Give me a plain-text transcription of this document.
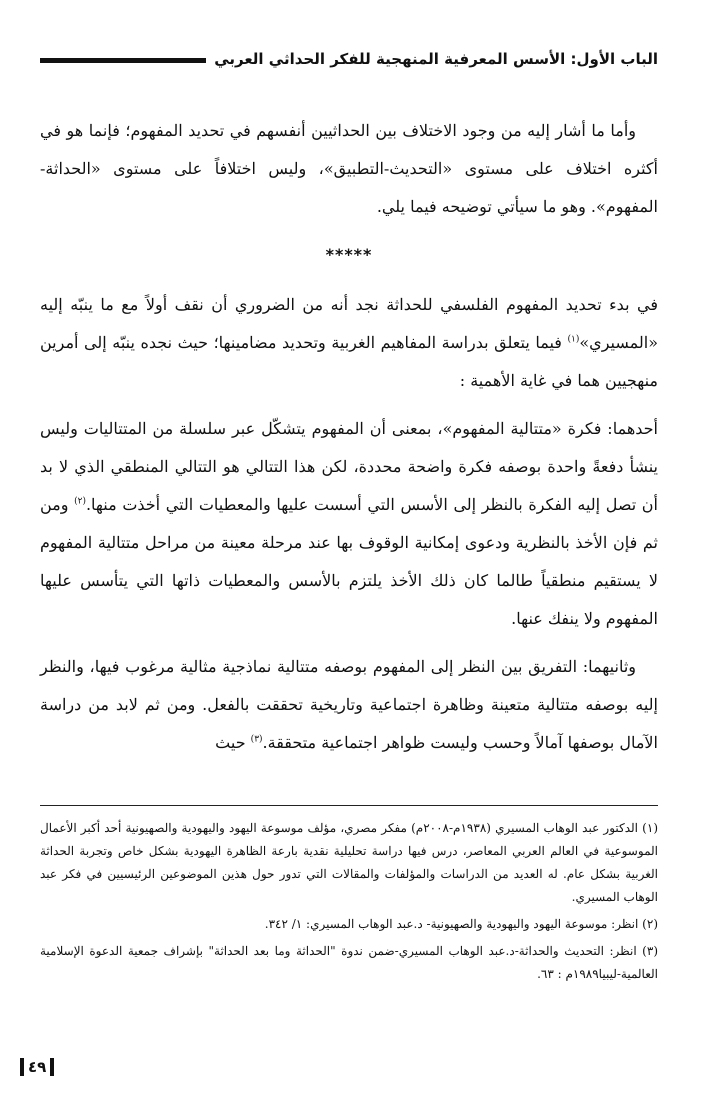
الباب الأول: الأسس المعرفية المنهجية للفكر الحداثي العربي

وأما ما أشار إليه من وجود الاختلاف بين الحداثيين أنفسهم في تحديد المفهوم؛ فإنما هو في أكثره اختلاف على مستوى «التحديث-التطبيق»، وليس اختلافاً على مستوى «الحداثة-المفهوم». وهو ما سيأتي توضيحه فيما يلي.

*****

في بدء تحديد المفهوم الفلسفي للحداثة نجد أنه من الضروري أن نقف أولاً مع ما ينبّه إليه «المسيري»$^{(١)}$ فيما يتعلق بدراسة المفاهيم الغربية وتحديد مضامينها؛ حيث نجده ينبّه إلى أمرين منهجيين هما في غاية الأهمية :

أحدهما: فكرة «متتالية المفهوم»، بمعنى أن المفهوم يتشكّل عبر سلسلة من المتتاليات وليس ينشأ دفعةً واحدة بوصفه فكرة واضحة محددة، لكن هذا التتالي هو التتالي المنطقي الذي لا بد أن تصل إليه الفكرة بالنظر إلى الأسس التي أسست عليها والمعطيات التي أخذت منها.$^{(٢)}$ ومن ثم فإن الأخذ بالنظرية ودعوى إمكانية الوقوف بها عند مرحلة معينة من مراحل متتالية المفهوم لا يستقيم منطقياً طالما كان ذلك الأخذ يلتزم بالأسس والمعطيات ذاتها التي يتأسس عليها المفهوم ولا ينفك عنها.

وثانيهما: التفريق بين النظر إلى المفهوم بوصفه متتالية نماذجية مثالية مرغوب فيها، والنظر إليه بوصفه متتالية متعينة وظاهرة اجتماعية وتاريخية تحققت بالفعل. ومن ثم لابد من دراسة الآمال بوصفها آمالاً وحسب وليست ظواهر اجتماعية متحققة.$^{(٣)}$ حيث

(١) الدكتور عبد الوهاب المسيري (١٩٣٨م-٢٠٠٨م) مفكر مصري، مؤلف موسوعة اليهود واليهودية والصهيونية أحد أكبر الأعمال الموسوعية في العالم العربي المعاصر، درس فيها دراسة تحليلية نقدية بارعة الظاهرة اليهودية بشكل خاص وتجربة الحداثة الغربية بشكل عام. له العديد من الدراسات والمؤلفات والمقالات التي تدور حول هذين الموضوعين الرئيسيين في فكر عبد الوهاب المسيري.

(٢) انظر: موسوعة اليهود واليهودية والصهيونية- د.عبد الوهاب المسيري: ١/ ٣٤٢.

(٣) انظر: التحديث والحداثة-د.عبد الوهاب المسيري-ضمن ندوة "الحداثة وما بعد الحداثة" بإشراف جمعية الدعوة الإسلامية العالمية-ليبيا١٩٨٩م : ٦٣.

٤٩
